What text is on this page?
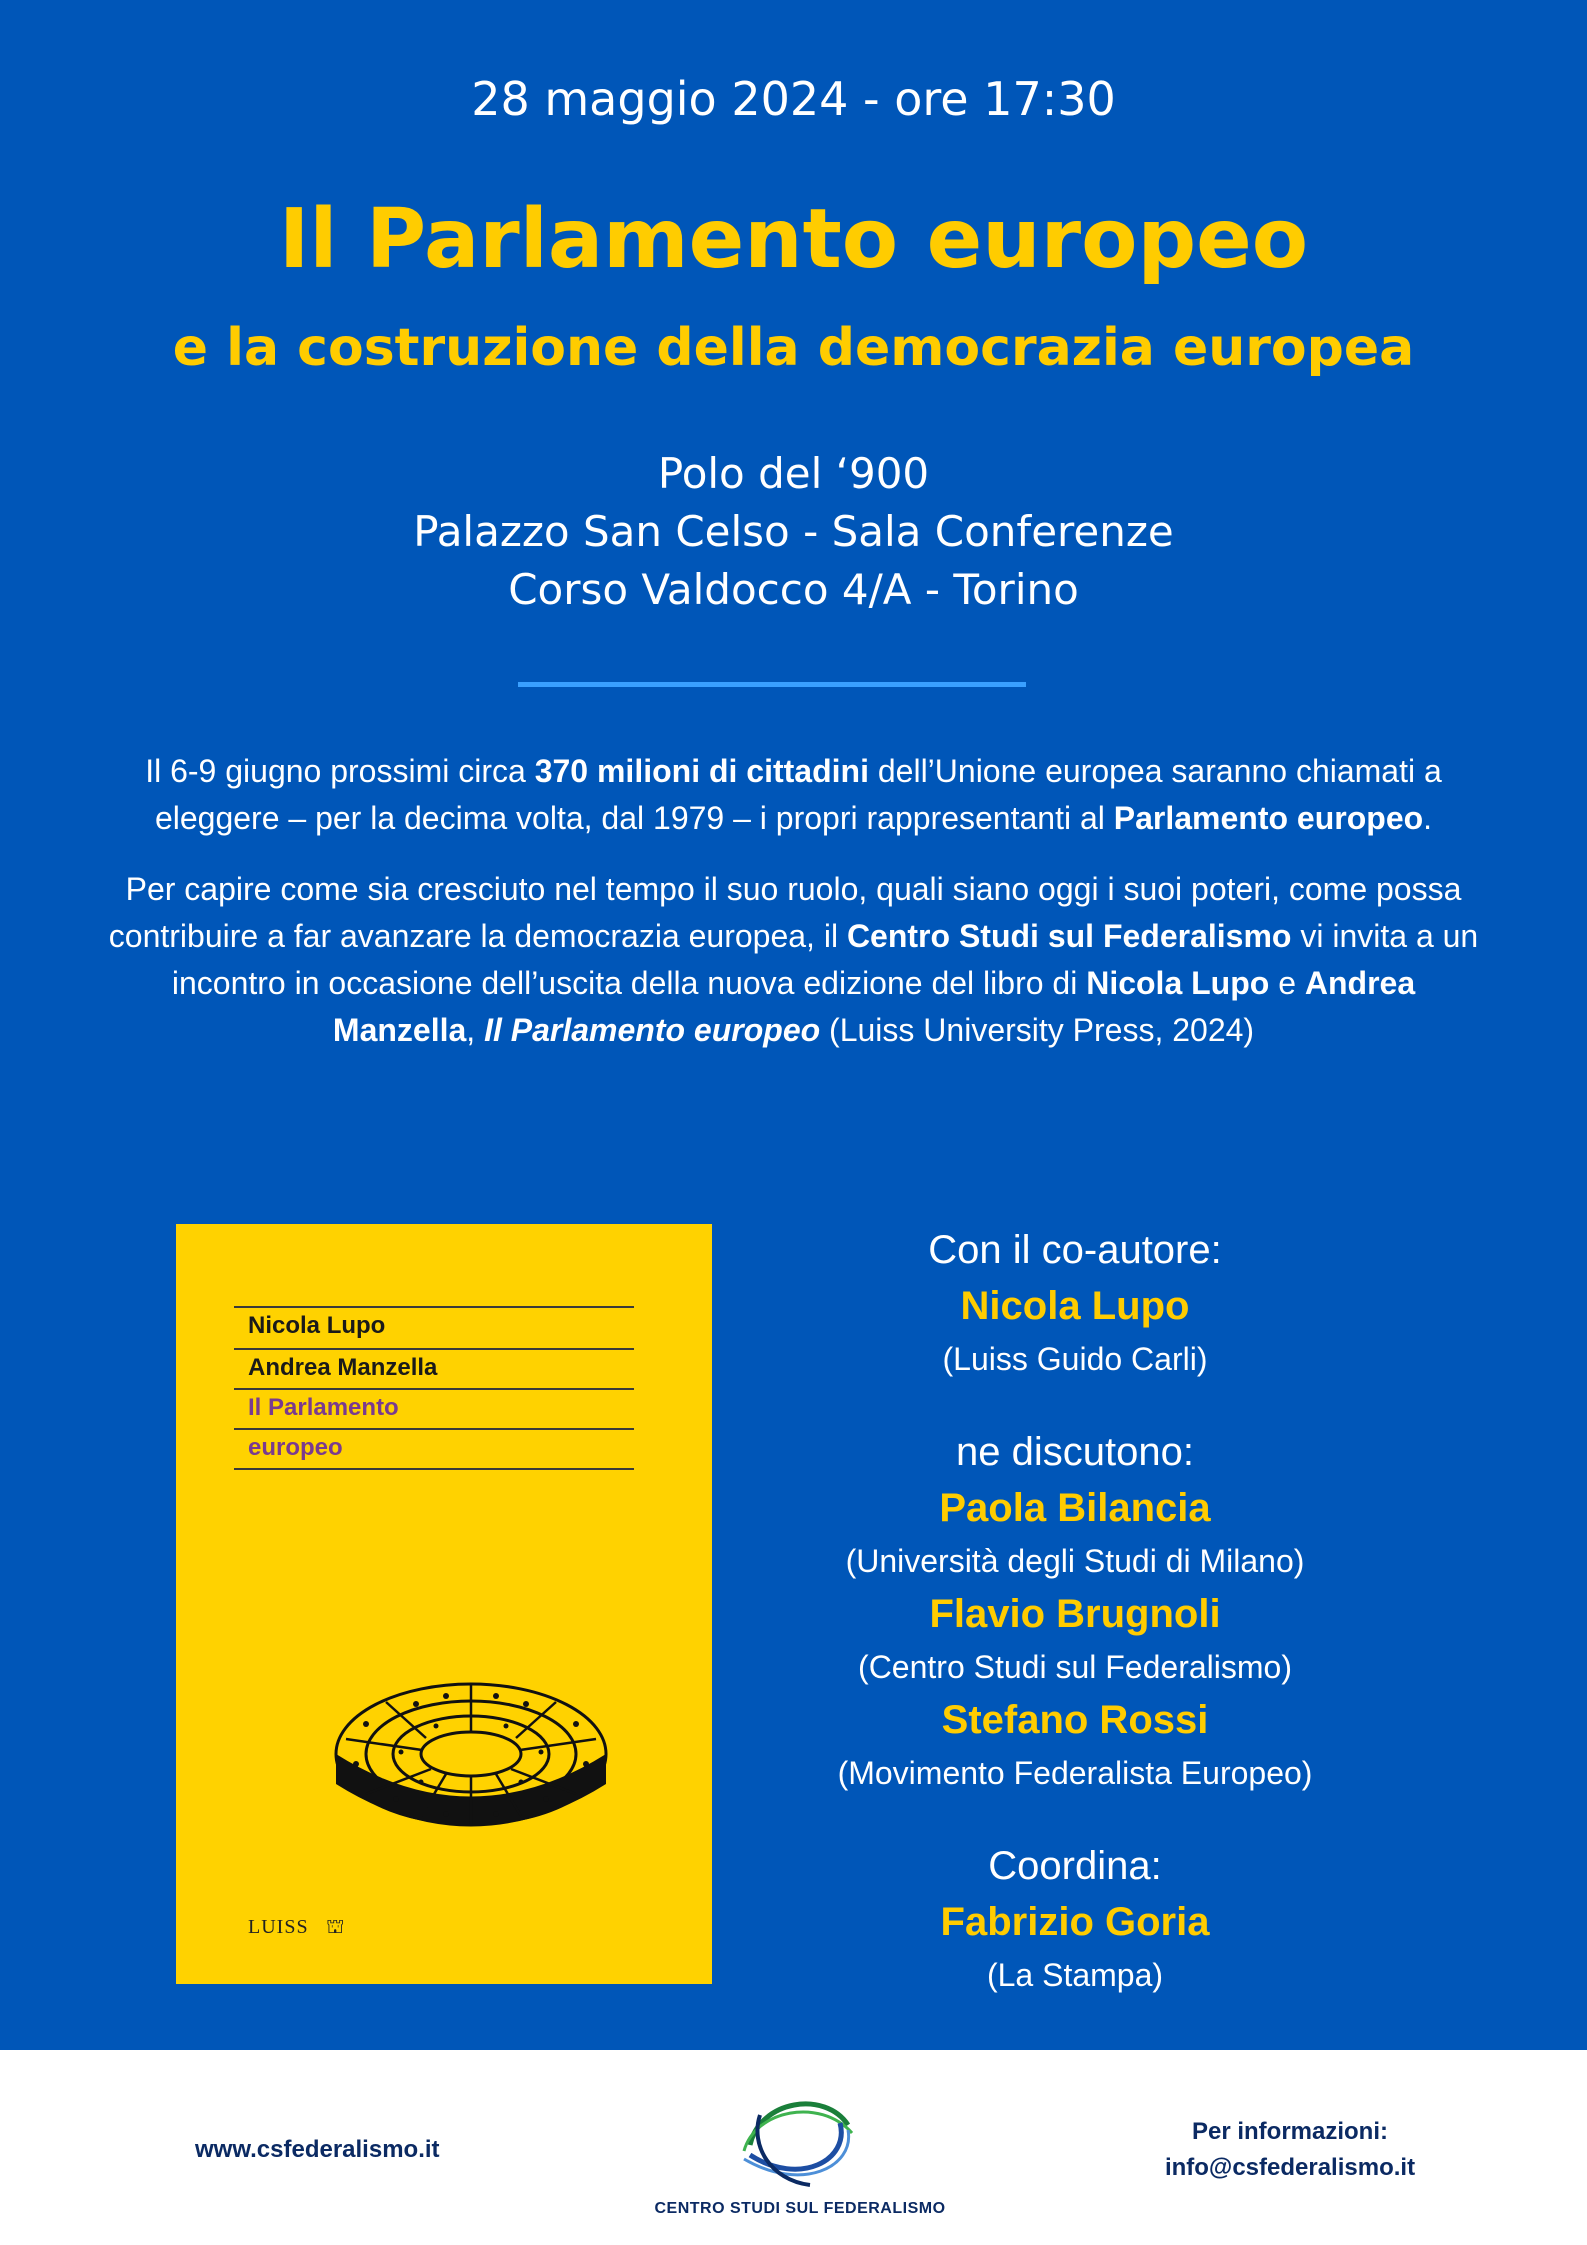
28 maggio 2024 - ore 17:30
Il Parlamento europeo
e la costruzione della democrazia europea
Polo del ‘900
Palazzo San Celso - Sala Conferenze
Corso Valdocco 4/A - Torino

Il 6-9 giugno prossimi circa 370 milioni di cittadini dell’Unione europea saranno chiamati a eleggere – per la decima volta, dal 1979 – i propri rappresentanti al Parlamento europeo.

Per capire come sia cresciuto nel tempo il suo ruolo, quali siano oggi i suoi poteri, come possa contribuire a far avanzare la democrazia europea, il Centro Studi sul Federalismo vi invita a un incontro in occasione dell’uscita della nuova edizione del libro di Nicola Lupo e Andrea Manzella, Il Parlamento europeo (Luiss University Press, 2024)

Nicola Lupo
Andrea Manzella
Il Parlamento
europeo
LUISS ⛫
Con il co-autore:
Nicola Lupo
(Luiss Guido Carli)
ne discutono:
Paola Bilancia
(Università degli Studi di Milano)
Flavio Brugnoli
(Centro Studi sul Federalismo)
Stefano Rossi
(Movimento Federalista Europeo)
Coordina:
Fabrizio Goria
(La Stampa)
www.csfederalismo.it
CENTRO STUDI SUL FEDERALISMO
Per informazioni:
info@csfederalismo.it
